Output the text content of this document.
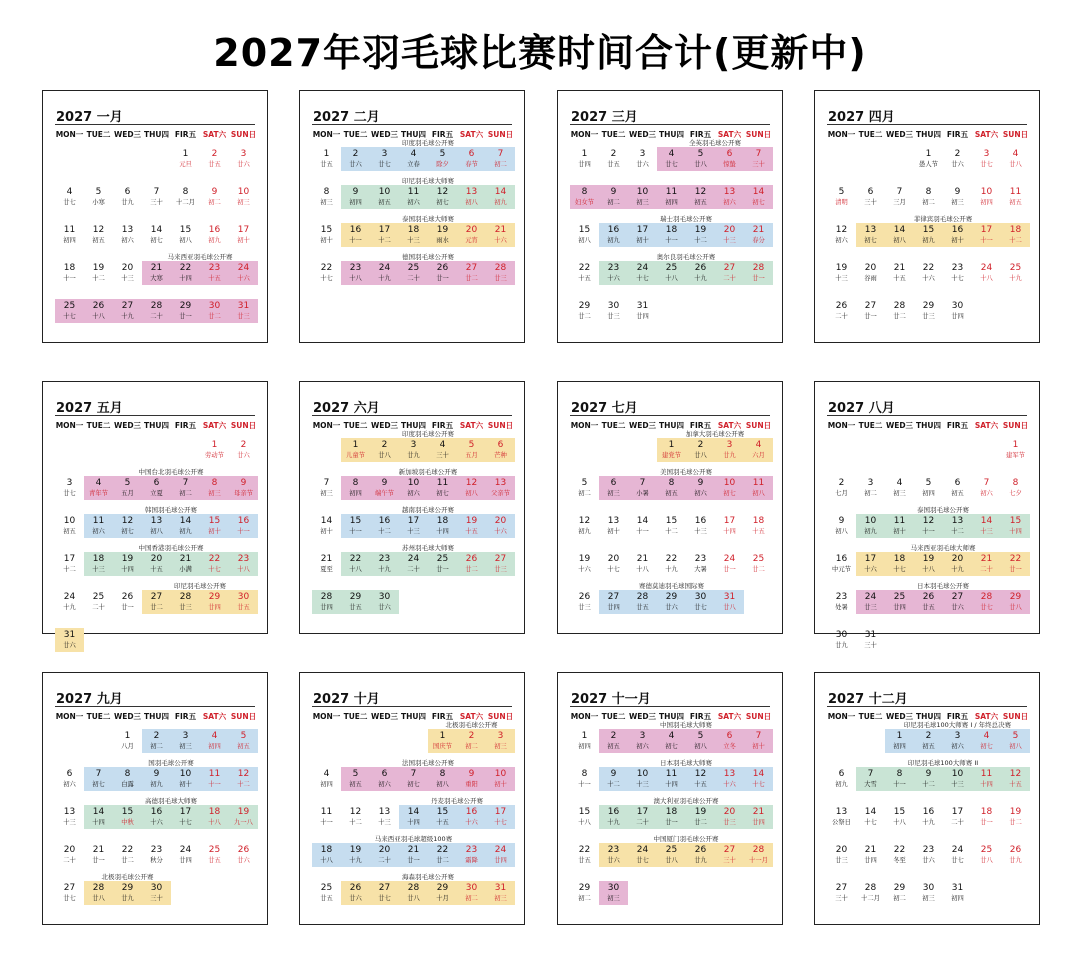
2027年羽毛球比赛时间合计(更新中)
2027 一月
MON一 TUE二 WED三 THU四 FIR五 SAT六 SUN日
马来西亚羽毛球公开赛
1
元旦
2
廿五
3
廿六
4
廿七
5
小寒
6
廿九
7
三十
8
十二月
9
初二
10
初三
11
初四
12
初五
13
初六
14
初七
15
初八
16
初九
17
初十
18
十一
19
十二
20
十三
21
大寒
22
十四
23
十五
24
十六
25
十七
26
十八
27
十九
28
二十
29
廿一
30
廿二
31
廿三
2027 二月
MON一 TUE二 WED三 THU四 FIR五 SAT六 SUN日
印度羽毛球公开赛
印尼羽毛球大师赛
泰国羽毛球大师赛
德国羽毛球公开赛
1
廿五
2
廿六
3
廿七
4
立春
5
除夕
6
春节
7
初二
8
初三
9
初四
10
初五
11
初六
12
初七
13
初八
14
初九
15
初十
16
十一
17
十二
18
十三
19
雨水
20
元宵
21
十六
22
十七
23
十八
24
十九
25
二十
26
廿一
27
廿二
28
廿三
2027 三月
MON一 TUE二 WED三 THU四 FIR五 SAT六 SUN日
全英羽毛球公开赛
瑞士羽毛球公开赛
奥尔良羽毛球公开赛
1
廿四
2
廿五
3
廿六
4
廿七
5
廿八
6
惊蛰
7
三十
8
妇女节
9
初二
10
初三
11
初四
12
初五
13
初六
14
初七
15
初八
16
初九
17
初十
18
十一
19
十二
20
十三
21
春分
22
十五
23
十六
24
十七
25
十八
26
十九
27
二十
28
廿一
29
廿二
30
廿三
31
廿四
2027 四月
MON一 TUE二 WED三 THU四 FIR五 SAT六 SUN日
菲律宾羽毛球公开赛
1
愚人节
2
廿六
3
廿七
4
廿八
5
清明
6
三十
7
三月
8
初二
9
初三
10
初四
11
初五
12
初六
13
初七
14
初八
15
初九
16
初十
17
十一
18
十二
19
十三
20
谷雨
21
十五
22
十六
23
十七
24
十八
25
十九
26
二十
27
廿一
28
廿二
29
廿三
30
廿四
2027 五月
MON一 TUE二 WED三 THU四 FIR五 SAT六 SUN日
中国台北羽毛球公开赛
韩国羽毛球公开赛
中国香港羽毛球公开赛
印尼羽毛球公开赛
1
劳动节
2
廿六
3
廿七
4
青年节
5
五月
6
立夏
7
初二
8
初三
9
母亲节
10
初五
11
初六
12
初七
13
初八
14
初九
15
初十
16
十一
17
十二
18
十三
19
十四
20
十五
21
小满
22
十七
23
十八
24
十九
25
二十
26
廿一
27
廿二
28
廿三
29
廿四
30
廿五
31
廿六
2027 六月
MON一 TUE二 WED三 THU四 FIR五 SAT六 SUN日
印度羽毛球公开赛
新加坡羽毛球公开赛
越南羽毛球公开赛
苏州羽毛球大师赛
1
儿童节
2
廿八
3
廿九
4
三十
5
五月
6
芒种
7
初三
8
初四
9
端午节
10
初六
11
初七
12
初八
13
父亲节
14
初十
15
十一
16
十二
17
十三
18
十四
19
十五
20
十六
21
夏至
22
十八
23
十九
24
二十
25
廿一
26
廿二
27
廿三
28
廿四
29
廿五
30
廿六
2027 七月
MON一 TUE二 WED三 THU四 FIR五 SAT六 SUN日
加拿大羽毛球公开赛
美国羽毛球公开赛
赛德莫迪羽毛球国际赛
1
建党节
2
廿八
3
廿九
4
六月
5
初二
6
初三
7
小暑
8
初五
9
初六
10
初七
11
初八
12
初九
13
初十
14
十一
15
十二
16
十三
17
十四
18
十五
19
十六
20
十七
21
十八
22
十九
23
大暑
24
廿一
25
廿二
26
廿三
27
廿四
28
廿五
29
廿六
30
廿七
31
廿八
2027 八月
MON一 TUE二 WED三 THU四 FIR五 SAT六 SUN日
泰国羽毛球公开赛
马来西亚羽毛球大师赛
日本羽毛球公开赛
1
建军节
2
七月
3
初二
4
初三
5
初四
6
初五
7
初六
8
七夕
9
初八
10
初九
11
初十
12
十一
13
十二
14
十三
15
十四
16
中元节
17
十六
18
十七
19
十八
20
十九
21
二十
22
廿一
23
处暑
24
廿三
25
廿四
26
廿五
27
廿六
28
廿七
29
廿八
30
廿九
31
三十
2027 九月
MON一 TUE二 WED三 THU四 FIR五 SAT六 SUN日
国羽毛球公开赛
高德羽毛球大师赛
北极羽毛球公开赛
1
八月
2
初二
3
初三
4
初四
5
初五
6
初六
7
初七
8
白露
9
初九
10
初十
11
十一
12
十二
13
十三
14
十四
15
中秋
16
十六
17
十七
18
十八
19
九一八
20
二十
21
廿一
22
廿二
23
秋分
24
廿四
25
廿五
26
廿六
27
廿七
28
廿八
29
廿九
30
三十
2027 十月
MON一 TUE二 WED三 THU四 FIR五 SAT六 SUN日
北极羽毛球公开赛
法国羽毛球公开赛
丹麦羽毛球公开赛
马来西亚羽毛球超级100赛
海森羽毛球公开赛
1
国庆节
2
初二
3
初三
4
初四
5
初五
6
初六
7
初七
8
初八
9
重阳
10
初十
11
十一
12
十二
13
十三
14
十四
15
十五
16
十六
17
十七
18
十八
19
十九
20
二十
21
廿一
22
廿二
23
霜降
24
廿四
25
廿五
26
廿六
27
廿七
28
廿八
29
十月
30
初二
31
初三
2027 十一月
MON一 TUE二 WED三 THU四 FIR五 SAT六 SUN日
中国羽毛球大师赛
日本羽毛球大师赛
澳大利亚羽毛球公开赛
中国厦门羽毛球公开赛
1
初四
2
初五
3
初六
4
初七
5
初八
6
立冬
7
初十
8
十一
9
十二
10
十三
11
十四
12
十五
13
十六
14
十七
15
十八
16
十九
17
二十
18
廿一
19
廿二
20
廿三
21
廿四
22
廿五
23
廿六
24
廿七
25
廿八
26
廿九
27
三十
28
十一月
29
初二
30
初三
2027 十二月
MON一 TUE二 WED三 THU四 FIR五 SAT六 SUN日
印尼羽毛球100大师赛 I / 年终总决赛
印尼羽毛球100大师赛 II
1
初四
2
初五
3
初六
4
初七
5
初八
6
初九
7
大雪
8
十一
9
十二
10
十三
11
十四
12
十五
13
公祭日
14
十七
15
十八
16
十九
17
二十
18
廿一
19
廿二
20
廿三
21
廿四
22
冬至
23
廿六
24
廿七
25
廿八
26
廿九
27
三十
28
十二月
29
初二
30
初三
31
初四
